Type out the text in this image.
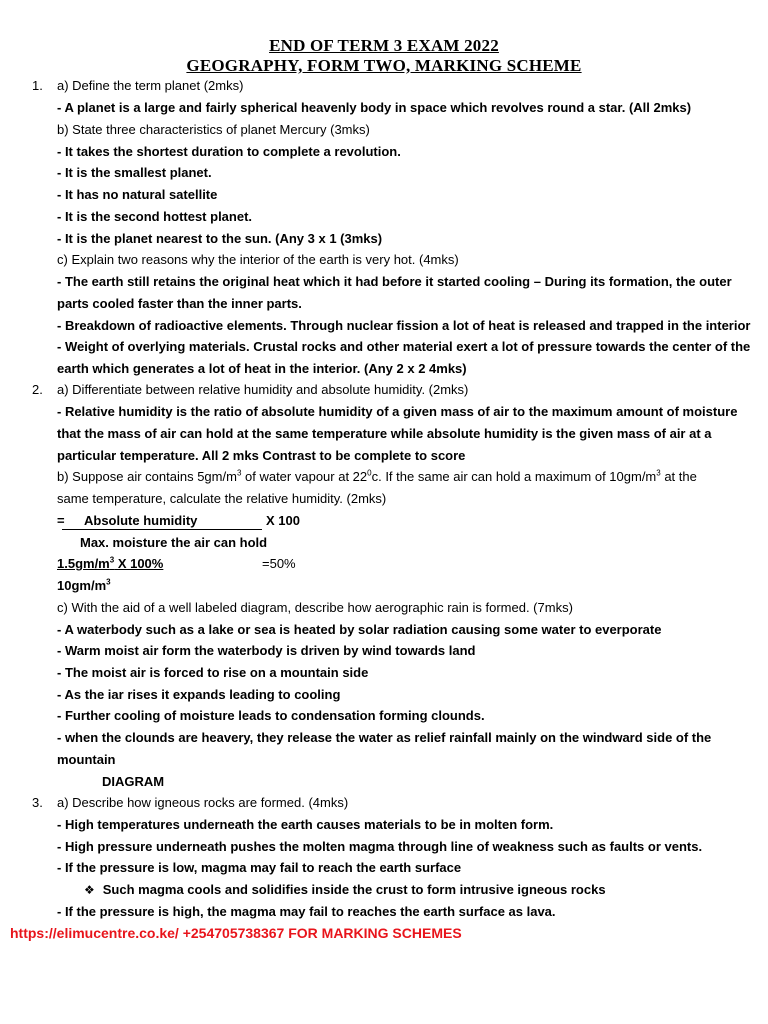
END OF TERM 3 EXAM 2022
GEOGRAPHY, FORM TWO, MARKING SCHEME
1. a) Define the term planet (2mks)
- A planet is a large and fairly spherical heavenly body in space which revolves round a star. (All 2mks)
b) State three characteristics of planet Mercury (3mks)
- It takes the shortest duration to complete a revolution.
- It is the smallest planet.
- It has no natural satellite
- It is the second hottest planet.
- It is the planet nearest to the sun. (Any 3 x 1 (3mks)
c) Explain two reasons why the interior of the earth is very hot. (4mks)
- The earth still retains the original heat which it had before it started cooling – During its formation, the outer
parts cooled faster than the inner parts.
- Breakdown of radioactive elements. Through nuclear fission a lot of heat is released and trapped in the interior
- Weight of overlying materials. Crustal rocks and other material exert a lot of pressure towards the center of the
earth which generates a lot of heat in the interior. (Any 2 x 2 4mks)
2. a) Differentiate between relative humidity and absolute humidity. (2mks)
- Relative humidity is the ratio of absolute humidity of a given mass of air to the maximum amount of moisture
that the mass of air can hold at the same temperature while absolute humidity is the given mass of air at a
particular temperature. All 2 mks Contrast to be complete to score
b) Suppose air contains $5gm/m^3$ of water vapour at $22^0c$. If the same air can hold a maximum of $10gm/m^3$ at the
same temperature, calculate the relative humidity. (2mks)
= Absolute humidity	X 100
Max. moisture the air can hold
$1.5gm/m^3$ X 100%	=50%
$10gm/m^3$
c) With the aid of a well labeled diagram, describe how aerographic rain is formed. (7mks)
- A waterbody such as a lake or sea is heated by solar radiation causing some water to everporate
- Warm moist air form the waterbody is driven by wind towards land
- The moist air is forced to rise on a mountain side
- As the iar rises it expands leading to cooling
- Further cooling of moisture leads to condensation forming clounds.
- when the clounds are heavery, they release the water as relief rainfall mainly on the windward side of the
mountain
DIAGRAM
3. a) Describe how igneous rocks are formed. (4mks)
- High temperatures underneath the earth causes materials to be in molten form.
- High pressure underneath pushes the molten magma through line of weakness such as faults or vents.
- If the pressure is low, magma may fail to reach the earth surface
❖ Such magma cools and solidifies inside the crust to form intrusive igneous rocks
- If the pressure is high, the magma may fail to reaches the earth surface as lava.
https://elimucentre.co.ke/ +254705738367 FOR MARKING SCHEMES
